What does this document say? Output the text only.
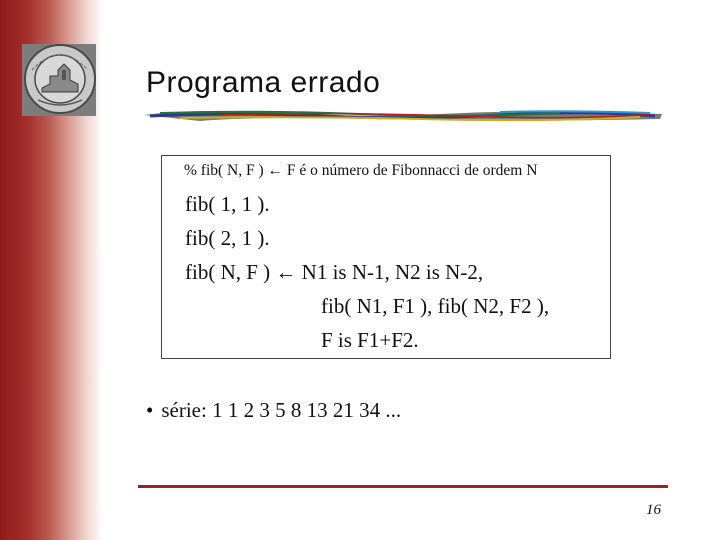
Programa errado
% fib( N, F ) ← F é o número de Fibonnacci de ordem N
fib( 1, 1 ).
fib( 2, 1 ).
fib( N, F ) ← N1 is N-1, N2 is N-2,
fib( N1, F1 ), fib( N2, F2 ),
F is F1+F2.
• série: 1 1 2 3 5 8 13 21 34 ...
16
